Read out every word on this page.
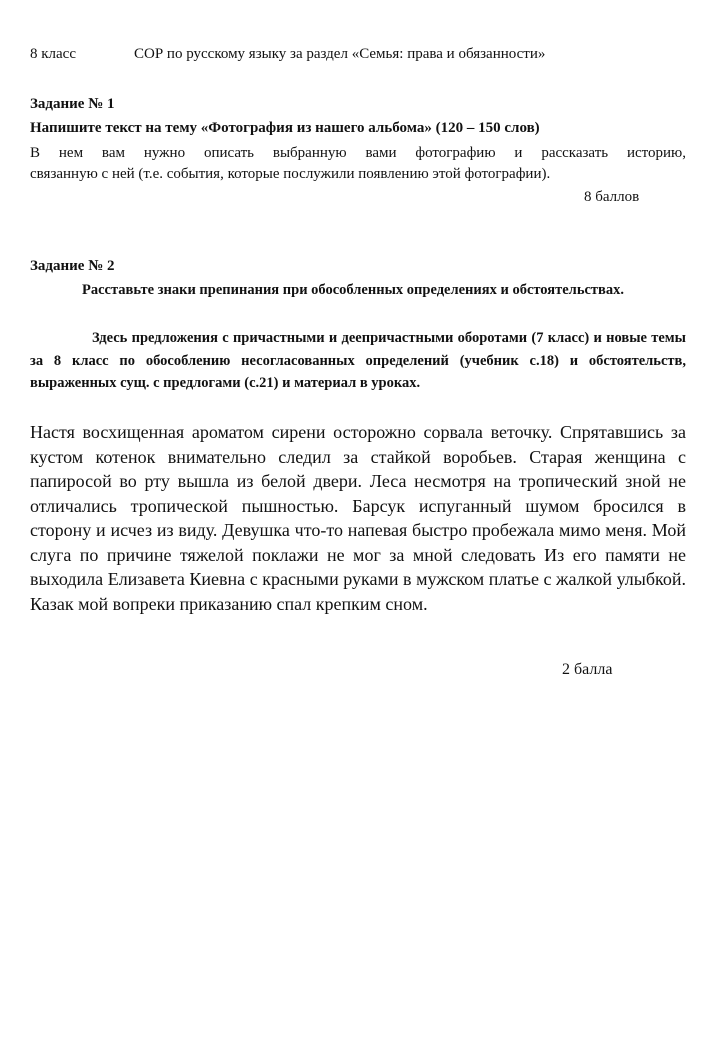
8 класс	СОР по русскому языку за раздел «Семья: права и обязанности»
Задание № 1
Напишите текст на тему «Фотография из нашего альбома» (120 – 150 слов)
В нем вам нужно описать выбранную вами фотографию и рассказать историю,
связанную с ней (т.е. события, которые послужили появлению этой фотографии).
8 баллов
Задание № 2

Расставьте знаки препинания при обособленных определениях и обстоятельствах.

Здесь предложения с причастными и деепричастными оборотами (7 класс) и новые темы за 8 класс по обособлению несогласованных определений (учебник с.18) и обстоятельств, выраженных сущ. с предлогами (с.21) и материал в уроках.

Настя восхищенная ароматом сирени осторожно сорвала веточку. Спрятавшись за кустом котенок внимательно следил за стайкой воробьев. Старая женщина с папиросой во рту вышла из белой двери. Леса несмотря на тропический зной не отличались тропической пышностью. Барсук испуганный шумом бросился в сторону и исчез из виду. Девушка что-то напевая быстро пробежала мимо меня. Мой слуга по причине тяжелой поклажи не мог за мной следовать Из его памяти не выходила Елизавета Киевна с красными руками в мужском платье с жалкой улыбкой. Казак мой вопреки приказанию спал крепким сном.

2 балла
